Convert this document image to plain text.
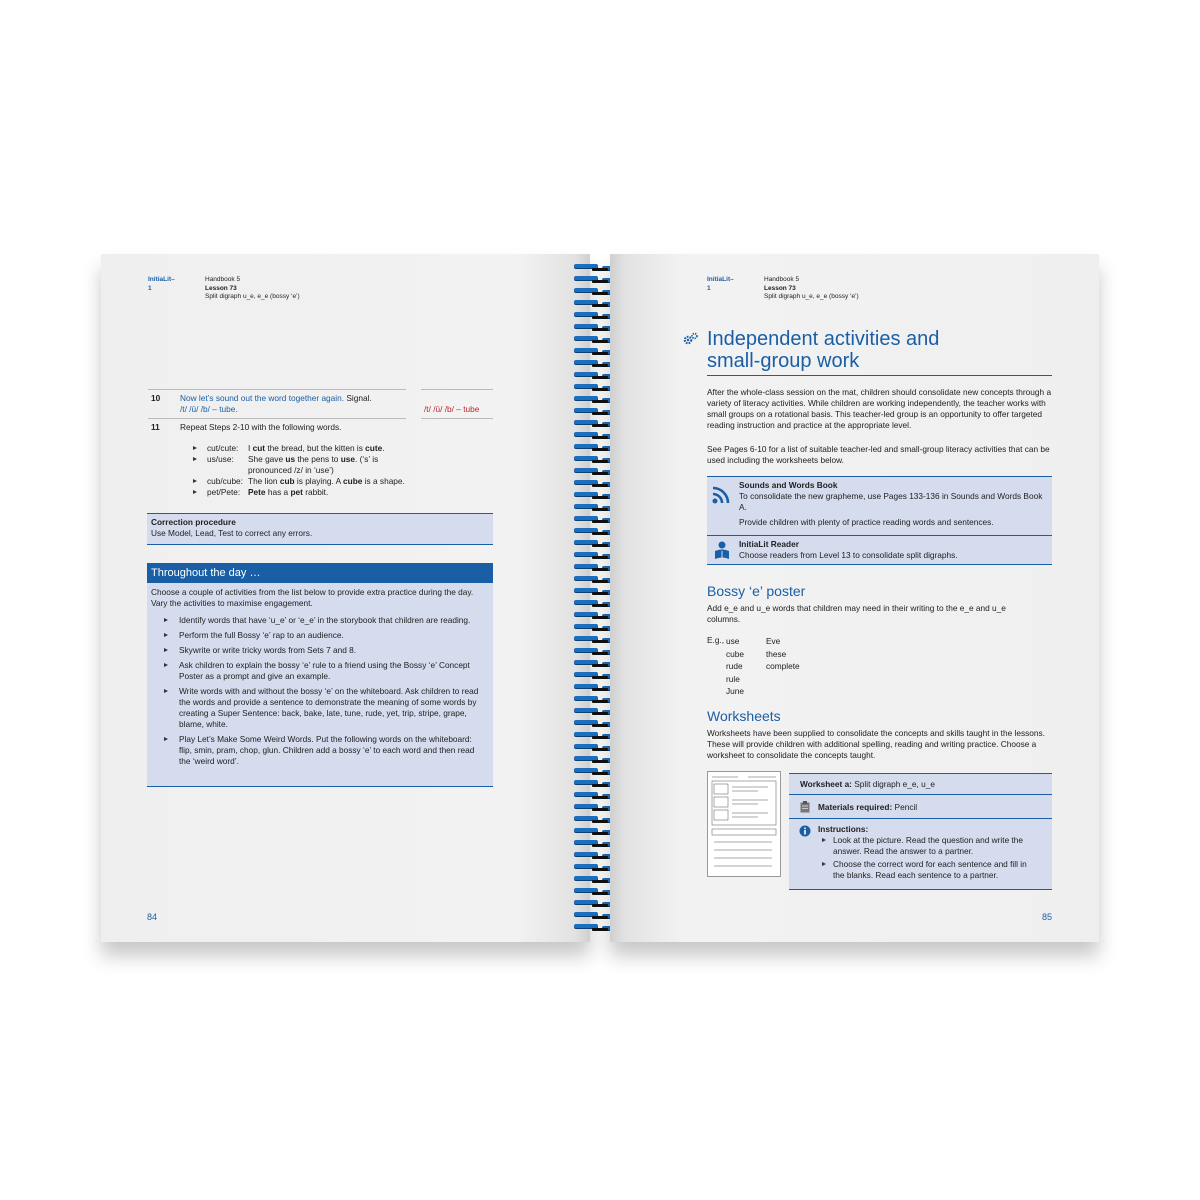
InitiaLit–1
Handbook 5
Lesson 73
Split digraph u_e, e_e (bossy ‘e’)
10 Now let’s sound out the word together again. Signal.
/t/ /ū/ /b/ – tube.	/t/ /ū/ /b/ – tube
11 Repeat Steps 2-10 with the following words.
cut/cute: I cut the bread, but the kitten is cute.
us/use: She gave us the pens to use. (‘s’ is pronounced /z/ in ‘use’)
cub/cube: The lion cub is playing. A cube is a shape.
pet/Pete: Pete has a pet rabbit.
Correction procedure
Use Model, Lead, Test to correct any errors.
Throughout the day …
Choose a couple of activities from the list below to provide extra practice during the day. Vary the activities to maximise engagement.
Identify words that have ‘u_e’ or ‘e_e’ in the storybook that children are reading.
Perform the full Bossy ‘e’ rap to an audience.
Skywrite or write tricky words from Sets 7 and 8.
Ask children to explain the bossy ‘e’ rule to a friend using the Bossy ‘e’ Concept Poster as a prompt and give an example.
Write words with and without the bossy ‘e’ on the whiteboard. Ask children to read the words and provide a sentence to demonstrate the meaning of some words by creating a Super Sentence: back, bake, late, tune, rude, yet, trip, stripe, grape, blame, white.
Play Let’s Make Some Weird Words. Put the following words on the whiteboard: flip, smin, pram, chop, glun. Children add a bossy ‘e’ to each word and then read the ‘weird word’.
84
InitiaLit–1
Handbook 5
Lesson 73
Split digraph u_e, e_e (bossy ‘e’)
Independent activities and
small-group work
After the whole-class session on the mat, children should consolidate new concepts through a variety of literacy activities. While children are working independently, the teacher works with small groups on a rotational basis. This teacher-led group is an opportunity to offer targeted reading instruction and practice at the appropriate level.
See Pages 6-10 for a list of suitable teacher-led and small-group literacy activities that can be used including the worksheets below.
Sounds and Words Book
To consolidate the new grapheme, use Pages 133-136 in Sounds and Words Book A.
Provide children with plenty of practice reading words and sentences.
InitiaLit Reader
Choose readers from Level 13 to consolidate split digraphs.
Bossy ‘e’ poster
Add e_e and u_e words that children may need in their writing to the e_e and u_e columns.
E.g., use
cube
rude
rule
June
Eve
these
complete
Worksheets
Worksheets have been supplied to consolidate the concepts and skills taught in the lessons. These will provide children with additional spelling, reading and writing practice. Choose a worksheet to consolidate the concepts taught.
Worksheet a: Split digraph e_e, u_e
Materials required: Pencil
Instructions:
Look at the picture. Read the question and write the answer. Read the answer to a partner.
Choose the correct word for each sentence and fill in the blanks. Read each sentence to a partner.
85
